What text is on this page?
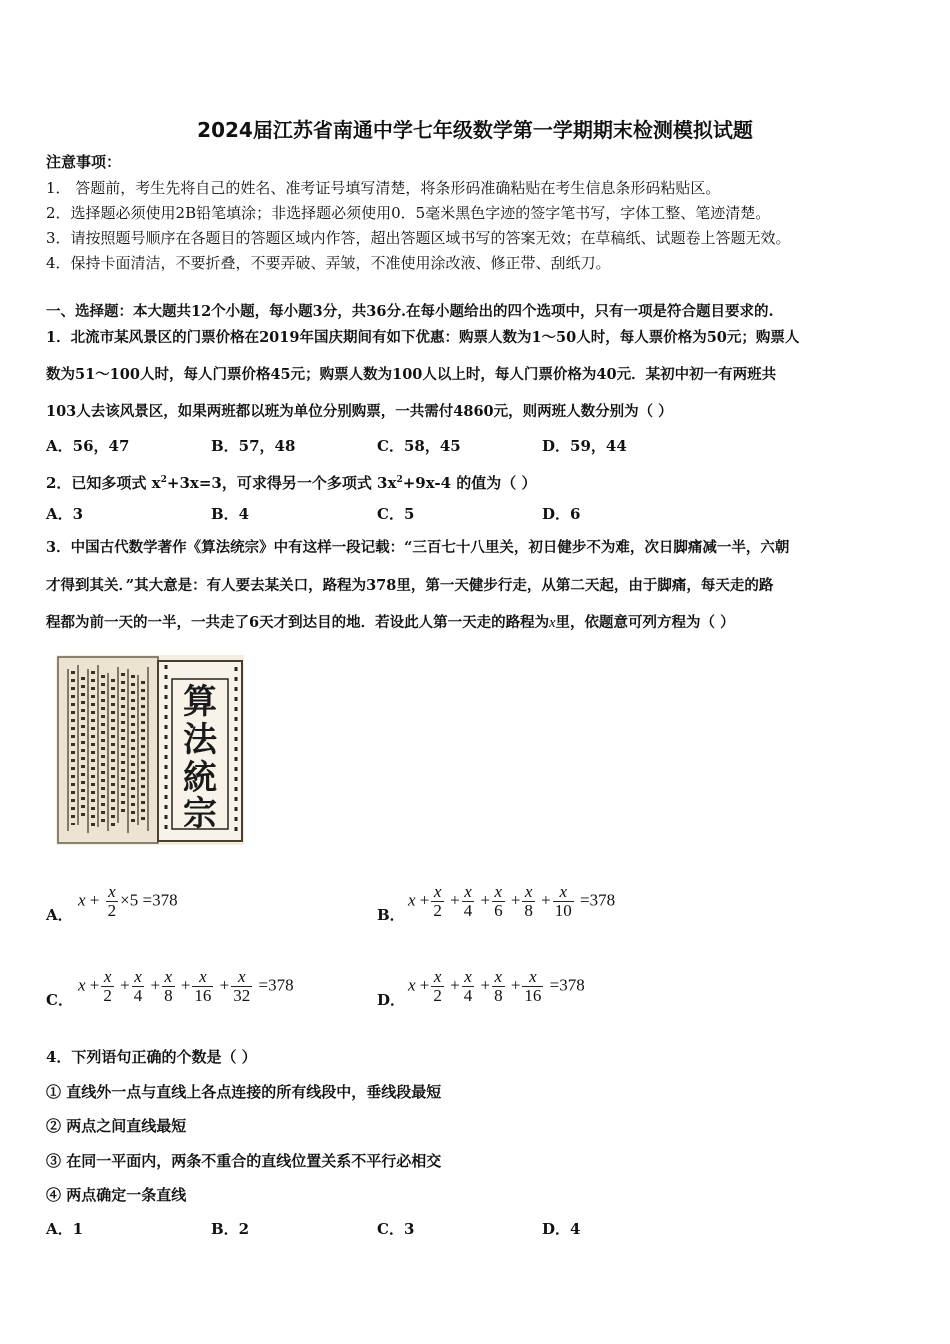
2024届江苏省南通中学七年级数学第一学期期末检测模拟试题
注意事项：
1． 答题前，考生先将自己的姓名、准考证号填写清楚，将条形码准确粘贴在考生信息条形码粘贴区。
2．选择题必须使用2B铅笔填涂；非选择题必须使用0．5毫米黑色字迹的签字笔书写，字体工整、笔迹清楚。
3．请按照题号顺序在各题目的答题区域内作答，超出答题区域书写的答案无效；在草稿纸、试题卷上答题无效。
4．保持卡面清洁，不要折叠，不要弄破、弄皱，不准使用涂改液、修正带、刮纸刀。
一、选择题：本大题共12个小题，每小题3分，共36分.在每小题给出的四个选项中，只有一项是符合题目要求的.
1．北流市某风景区的门票价格在2019年国庆期间有如下优惠：购票人数为1～50人时，每人票价格为50元；购票人
数为51～100人时，每人门票价格45元；购票人数为100人以上时，每人门票价格为40元．某初中初一有两班共
103人去该风景区，如果两班都以班为单位分别购票，一共需付4860元，则两班人数分别为（ ）
A．56，47	B．57，48	C．58，45	D．59，44
2．已知多项式 $x^2+3x=3$，可求得另一个多项式 $3x^2+9x-4$ 的值为（ ）
A．3	B．4	C．5	D．6
3．中国古代数学著作《算法统宗》中有这样一段记载：“三百七十八里关，初日健步不为难，次日脚痛减一半，六朝
才得到其关．”其大意是：有人要去某关口，路程为378里，第一天健步行走，从第二天起，由于脚痛，每天走的路
程都为前一天的一半，一共走了6天才到达目的地．若设此人第一天走的路程为x里，依题意可列方程为（ ）
算
法
統
宗
A．
$x + \frac{x}{2} \times 5 =378$
B．
$x + \frac{x}{2} + \frac{x}{4} + \frac{x}{6} + \frac{x}{8} + \frac{x}{10} =378$
C．
$x + \frac{x}{2} + \frac{x}{4} + \frac{x}{8} + \frac{x}{16} + \frac{x}{32} =378$
D．
$x + \frac{x}{2} + \frac{x}{4} + \frac{x}{8} + \frac{x}{16} =378$
4．下列语句正确的个数是（ ）
① 直线外一点与直线上各点连接的所有线段中，垂线段最短
② 两点之间直线最短
③ 在同一平面内，两条不重合的直线位置关系不平行必相交
④ 两点确定一条直线
A．1	B．2	C．3	D．4
